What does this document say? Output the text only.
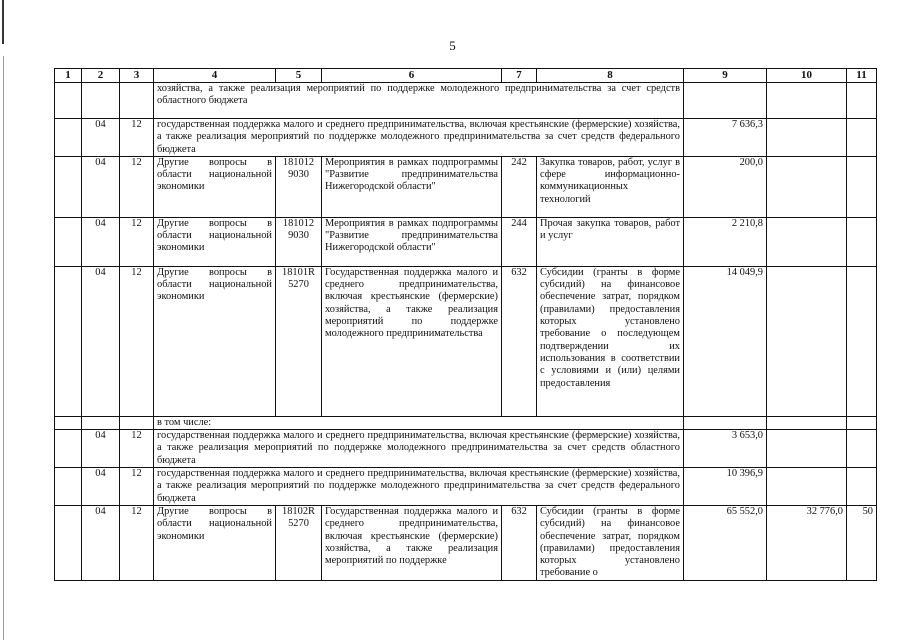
5
1	2	3	4	5	6	7	8	9	10	11
			хозяйства, а также реализация мероприятий по поддержке молодежного предпринимательства за счет средств областного бюджета							
	04	12	государственная поддержка малого и среднего предпринимательства, включая крестьянские (фермерские) хозяйства, а также реализация мероприятий по поддержке молодежного предпринимательства за счет средств федерального бюджета					7 636,3		
	04	12	Другие вопросы в области национальной экономики	181012 9030	Мероприятия в рамках подпрограммы "Развитие предпринимательства Нижегородской области"	242	Закупка товаров, работ, услуг в сфере информационно-коммуникационных технологий	200,0		
	04	12	Другие вопросы в области национальной экономики	181012 9030	Мероприятия в рамках подпрограммы "Развитие предпринимательства Нижегородской области"	244	Прочая закупка товаров, работ и услуг	2 210,8		
	04	12	Другие вопросы в области национальной экономики	18101R 5270	Государственная поддержка малого и среднего предпринимательства, включая крестьянские (фермерские) хозяйства, а также реализация мероприятий по поддержке молодежного предпринимательства	632	Субсидии (гранты в форме субсидий) на финансовое обеспечение затрат, порядком (правилами) предоставления которых установлено требование о последующем подтверждении их использования в соответствии с условиями и (или) целями предоставления	14 049,9		
			в том числе:							
	04	12	государственная поддержка малого и среднего предпринимательства, включая крестьянские (фермерские) хозяйства, а также реализация мероприятий по поддержке молодежного предпринимательства за счет средств областного бюджета					3 653,0		
	04	12	государственная поддержка малого и среднего предпринимательства, включая крестьянские (фермерские) хозяйства, а также реализация мероприятий по поддержке молодежного предпринимательства за счет средств федерального бюджета					10 396,9		
	04	12	Другие вопросы в области национальной экономики	18102R 5270	Государственная поддержка малого и среднего предпринимательства, включая крестьянские (фермерские) хозяйства, а также реализация мероприятий по поддержке	632	Субсидии (гранты в форме субсидий) на финансовое обеспечение затрат, порядком (правилами) предоставления которых установлено требование о	65 552,0	32 776,0	50
